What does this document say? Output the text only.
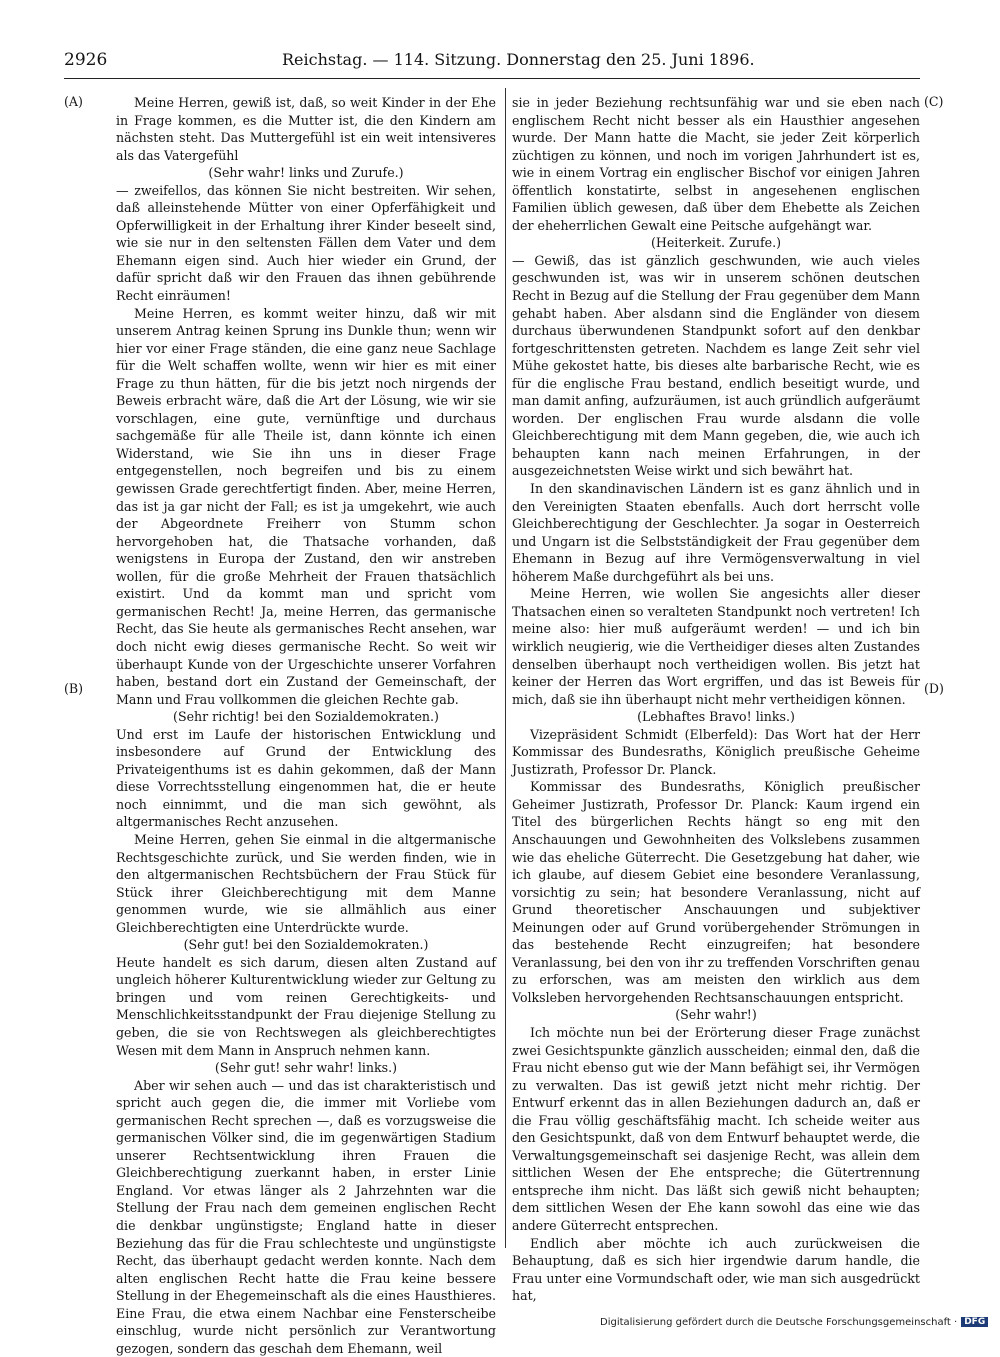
2926	Reichstag. — 114. Sitzung. Donnerstag den 25. Juni 1896.
(A)
(B)
(C)
(D)

Meine Herren, gewiß ist, daß, so weit Kinder in der Ehe in Frage kommen, es die Mutter ist, die den Kindern am nächsten steht. Das Muttergefühl ist ein weit intensiveres als das Vatergefühl

(Sehr wahr! links und Zurufe.)

— zweifellos, das können Sie nicht bestreiten. Wir sehen, daß alleinstehende Mütter von einer Opferfähigkeit und Opferwilligkeit in der Erhaltung ihrer Kinder beseelt sind, wie sie nur in den seltensten Fällen dem Vater und dem Ehemann eigen sind. Auch hier wieder ein Grund, der dafür spricht daß wir den Frauen das ihnen gebührende Recht einräumen!

Meine Herren, es kommt weiter hinzu, daß wir mit unserem Antrag keinen Sprung ins Dunkle thun; wenn wir hier vor einer Frage ständen, die eine ganz neue Sachlage für die Welt schaffen wollte, wenn wir hier es mit einer Frage zu thun hätten, für die bis jetzt noch nirgends der Beweis erbracht wäre, daß die Art der Lösung, wie wir sie vorschlagen, eine gute, vernünftige und durchaus sachgemäße für alle Theile ist, dann könnte ich einen Widerstand, wie Sie ihn uns in dieser Frage entgegenstellen, noch begreifen und bis zu einem gewissen Grade gerechtfertigt finden. Aber, meine Herren, das ist ja gar nicht der Fall; es ist ja umgekehrt, wie auch der Abgeordnete Freiherr von Stumm schon hervorgehoben hat, die Thatsache vorhanden, daß wenigstens in Europa der Zustand, den wir anstreben wollen, für die große Mehrheit der Frauen thatsächlich existirt. Und da kommt man und spricht vom germanischen Recht! Ja, meine Herren, das germanische Recht, das Sie heute als germanisches Recht ansehen, war doch nicht ewig dieses germanische Recht. So weit wir überhaupt Kunde von der Urgeschichte unserer Vorfahren haben, bestand dort ein Zustand der Gemeinschaft, der Mann und Frau vollkommen die gleichen Rechte gab.

(Sehr richtig! bei den Sozialdemokraten.)

Und erst im Laufe der historischen Entwicklung und insbesondere auf Grund der Entwicklung des Privateigenthums ist es dahin gekommen, daß der Mann diese Vorrechtsstellung eingenommen hat, die er heute noch einnimmt, und die man sich gewöhnt, als altgermanisches Recht anzusehen.

Meine Herren, gehen Sie einmal in die altgermanische Rechtsgeschichte zurück, und Sie werden finden, wie in den altgermanischen Rechtsbüchern der Frau Stück für Stück ihrer Gleichberechtigung mit dem Manne genommen wurde, wie sie allmählich aus einer Gleichberechtigten eine Unterdrückte wurde.

(Sehr gut! bei den Sozialdemokraten.)

Heute handelt es sich darum, diesen alten Zustand auf ungleich höherer Kulturentwicklung wieder zur Geltung zu bringen und vom reinen Gerechtigkeits- und Menschlichkeitsstandpunkt der Frau diejenige Stellung zu geben, die sie von Rechtswegen als gleichberechtigtes Wesen mit dem Mann in Anspruch nehmen kann.

(Sehr gut! sehr wahr! links.)

Aber wir sehen auch — und das ist charakteristisch und spricht auch gegen die, die immer mit Vorliebe vom germanischen Recht sprechen —, daß es vorzugsweise die germanischen Völker sind, die im gegenwärtigen Stadium unserer Rechtsentwicklung ihren Frauen die Gleichberechtigung zuerkannt haben, in erster Linie England. Vor etwas länger als 2 Jahrzehnten war die Stellung der Frau nach dem gemeinen englischen Recht die denkbar ungünstigste; England hatte in dieser Beziehung das für die Frau schlechteste und ungünstigste Recht, das überhaupt gedacht werden konnte. Nach dem alten englischen Recht hatte die Frau keine bessere Stellung in der Ehegemeinschaft als die eines Hausthieres. Eine Frau, die etwa einem Nachbar eine Fensterscheibe einschlug, wurde nicht persönlich zur Verantwortung gezogen, sondern das geschah dem Ehemann, weil

sie in jeder Beziehung rechtsunfähig war und sie eben nach englischem Recht nicht besser als ein Hausthier angesehen wurde. Der Mann hatte die Macht, sie jeder Zeit körperlich züchtigen zu können, und noch im vorigen Jahrhundert ist es, wie in einem Vortrag ein englischer Bischof vor einigen Jahren öffentlich konstatirte, selbst in angesehenen englischen Familien üblich gewesen, daß über dem Ehebette als Zeichen der eheherrlichen Gewalt eine Peitsche aufgehängt war.

(Heiterkeit. Zurufe.)

— Gewiß, das ist gänzlich geschwunden, wie auch vieles geschwunden ist, was wir in unserem schönen deutschen Recht in Bezug auf die Stellung der Frau gegenüber dem Mann gehabt haben. Aber alsdann sind die Engländer von diesem durchaus überwundenen Standpunkt sofort auf den denkbar fortgeschrittensten getreten. Nachdem es lange Zeit sehr viel Mühe gekostet hatte, bis dieses alte barbarische Recht, wie es für die englische Frau bestand, endlich beseitigt wurde, und man damit anfing, aufzuräumen, ist auch gründlich aufgeräumt worden. Der englischen Frau wurde alsdann die volle Gleichberechtigung mit dem Mann gegeben, die, wie auch ich behaupten kann nach meinen Erfahrungen, in der ausgezeichnetsten Weise wirkt und sich bewährt hat.

In den skandinavischen Ländern ist es ganz ähnlich und in den Vereinigten Staaten ebenfalls. Auch dort herrscht volle Gleichberechtigung der Geschlechter. Ja sogar in Oesterreich und Ungarn ist die Selbstständigkeit der Frau gegenüber dem Ehemann in Bezug auf ihre Vermögensverwaltung in viel höherem Maße durchgeführt als bei uns.

Meine Herren, wie wollen Sie angesichts aller dieser Thatsachen einen so veralteten Standpunkt noch vertreten! Ich meine also: hier muß aufgeräumt werden! — und ich bin wirklich neugierig, wie die Vertheidiger dieses alten Zustandes denselben überhaupt noch vertheidigen wollen. Bis jetzt hat keiner der Herren das Wort ergriffen, und das ist Beweis für mich, daß sie ihn überhaupt nicht mehr vertheidigen können.

(Lebhaftes Bravo! links.)

Vizepräsident Schmidt (Elberfeld): Das Wort hat der Herr Kommissar des Bundesraths, Königlich preußische Geheime Justizrath, Professor Dr. Planck.

Kommissar des Bundesraths, Königlich preußischer Geheimer Justizrath, Professor Dr. Planck: Kaum irgend ein Titel des bürgerlichen Rechts hängt so eng mit den Anschauungen und Gewohnheiten des Volkslebens zusammen wie das eheliche Güterrecht. Die Gesetzgebung hat daher, wie ich glaube, auf diesem Gebiet eine besondere Veranlassung, vorsichtig zu sein; hat besondere Veranlassung, nicht auf Grund theoretischer Anschauungen und subjektiver Meinungen oder auf Grund vorübergehender Strömungen in das bestehende Recht einzugreifen; hat besondere Veranlassung, bei den von ihr zu treffenden Vorschriften genau zu erforschen, was am meisten den wirklich aus dem Volksleben hervorgehenden Rechtsanschauungen entspricht.

(Sehr wahr!)

Ich möchte nun bei der Erörterung dieser Frage zunächst zwei Gesichtspunkte gänzlich ausscheiden; einmal den, daß die Frau nicht ebenso gut wie der Mann befähigt sei, ihr Vermögen zu verwalten. Das ist gewiß jetzt nicht mehr richtig. Der Entwurf erkennt das in allen Beziehungen dadurch an, daß er die Frau völlig geschäftsfähig macht. Ich scheide weiter aus den Gesichtspunkt, daß von dem Entwurf behauptet werde, die Verwaltungsgemeinschaft sei dasjenige Recht, was allein dem sittlichen Wesen der Ehe entspreche; die Gütertrennung entspreche ihm nicht. Das läßt sich gewiß nicht behaupten; dem sittlichen Wesen der Ehe kann sowohl das eine wie das andere Güterrecht entsprechen.

Endlich aber möchte ich auch zurückweisen die Behauptung, daß es sich hier irgendwie darum handle, die Frau unter eine Vormundschaft oder, wie man sich ausgedrückt hat,

Digitalisierung gefördert durch die Deutsche Forschungsgemeinschaft · DFG
